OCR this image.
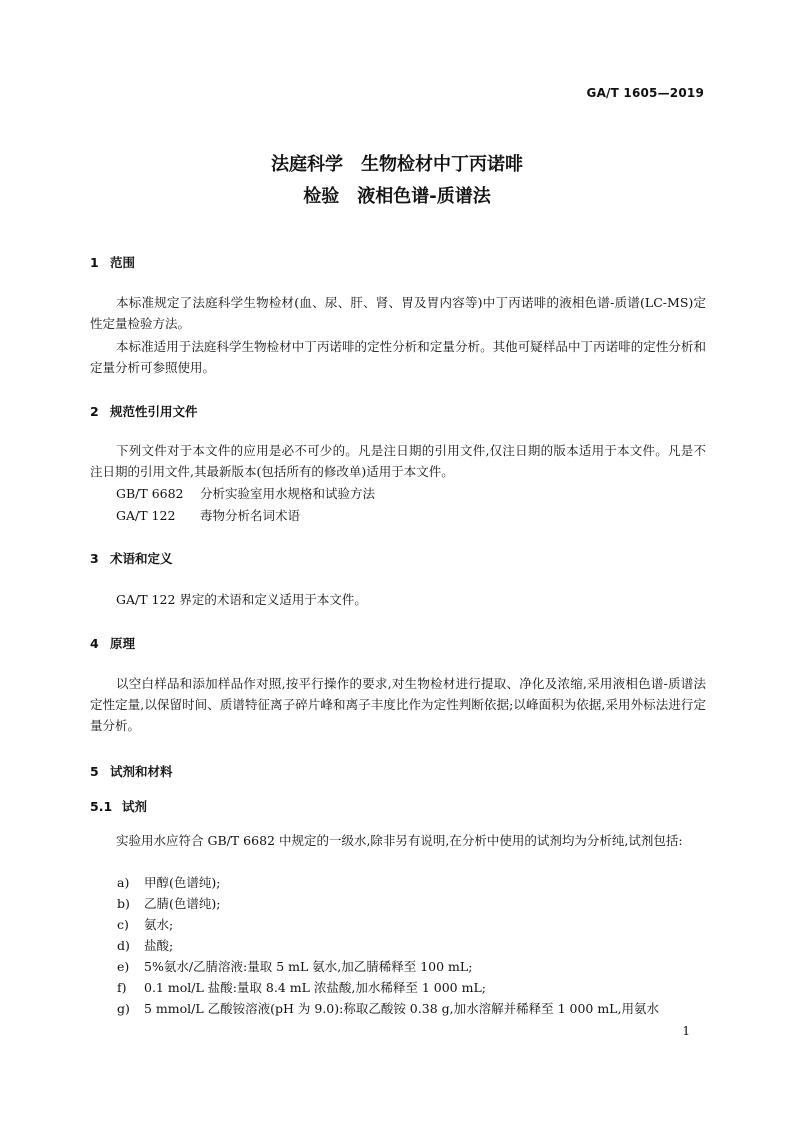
GA/T 1605—2019
法庭科学　生物检材中丁丙诺啡
检验　液相色谱-质谱法
1 范围
本标准规定了法庭科学生物检材(血、尿、肝、肾、胃及胃内容等)中丁丙诺啡的液相色谱-质谱(LC-MS)定性定量检验方法。
本标准适用于法庭科学生物检材中丁丙诺啡的定性分析和定量分析。其他可疑样品中丁丙诺啡的定性分析和定量分析可参照使用。
2 规范性引用文件
下列文件对于本文件的应用是必不可少的。凡是注日期的引用文件,仅注日期的版本适用于本文件。凡是不注日期的引用文件,其最新版本(包括所有的修改单)适用于本文件。
GB/T 6682 分析实验室用水规格和试验方法
GA/T 122 毒物分析名词术语
3 术语和定义
GA/T 122 界定的术语和定义适用于本文件。
4 原理
以空白样品和添加样品作对照,按平行操作的要求,对生物检材进行提取、净化及浓缩,采用液相色谱-质谱法定性定量,以保留时间、质谱特征离子碎片峰和离子丰度比作为定性判断依据;以峰面积为依据,采用外标法进行定量分析。
5 试剂和材料
5.1 试剂
实验用水应符合 GB/T 6682 中规定的一级水,除非另有说明,在分析中使用的试剂均为分析纯,试剂包括:
a) 甲醇(色谱纯);
b) 乙腈(色谱纯);
c) 氨水;
d) 盐酸;
e) 5%氨水/乙腈溶液:量取 5 mL 氨水,加乙腈稀释至 100 mL;
f) 0.1 mol/L 盐酸:量取 8.4 mL 浓盐酸,加水稀释至 1 000 mL;
g) 5 mmol/L 乙酸铵溶液(pH 为 9.0):称取乙酸铵 0.38 g,加水溶解并稀释至 1 000 mL,用氨水
1
